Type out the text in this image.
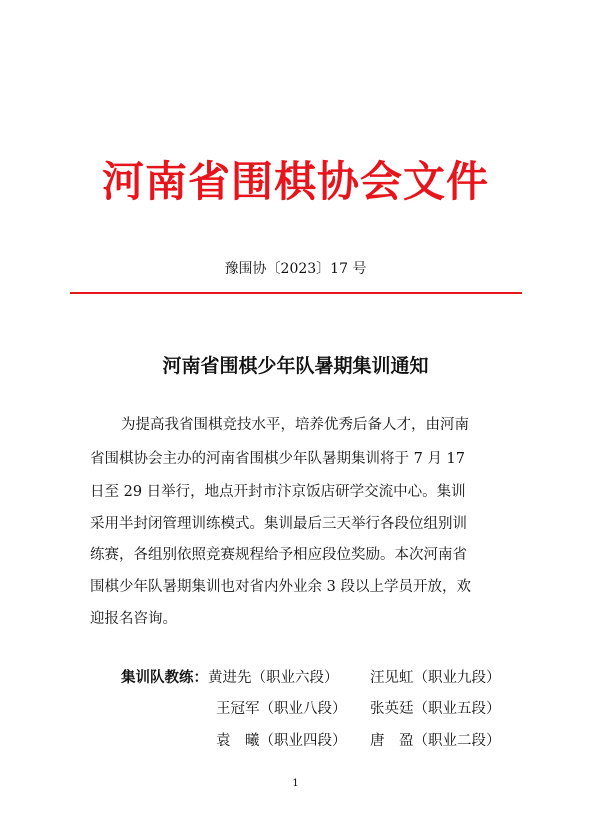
河南省围棋协会文件
豫围协〔2023〕17 号
河南省围棋少年队暑期集训通知
为提高我省围棋竞技水平，培养优秀后备人才，由河南
省围棋协会主办的河南省围棋少年队暑期集训将于 7 月 17
日至 29 日举行，地点开封市汴京饭店研学交流中心。集训
采用半封闭管理训练模式。集训最后三天举行各段位组别训
练赛，各组别依照竞赛规程给予相应段位奖励。本次河南省
围棋少年队暑期集训也对省内外业余 3 段以上学员开放，欢
迎报名咨询。
集训队教练：黄进先（职业六段） 汪见虹（职业九段）
王冠军（职业八段） 张英廷（职业五段）
袁　曦（职业四段） 唐　盈（职业二段）
1
